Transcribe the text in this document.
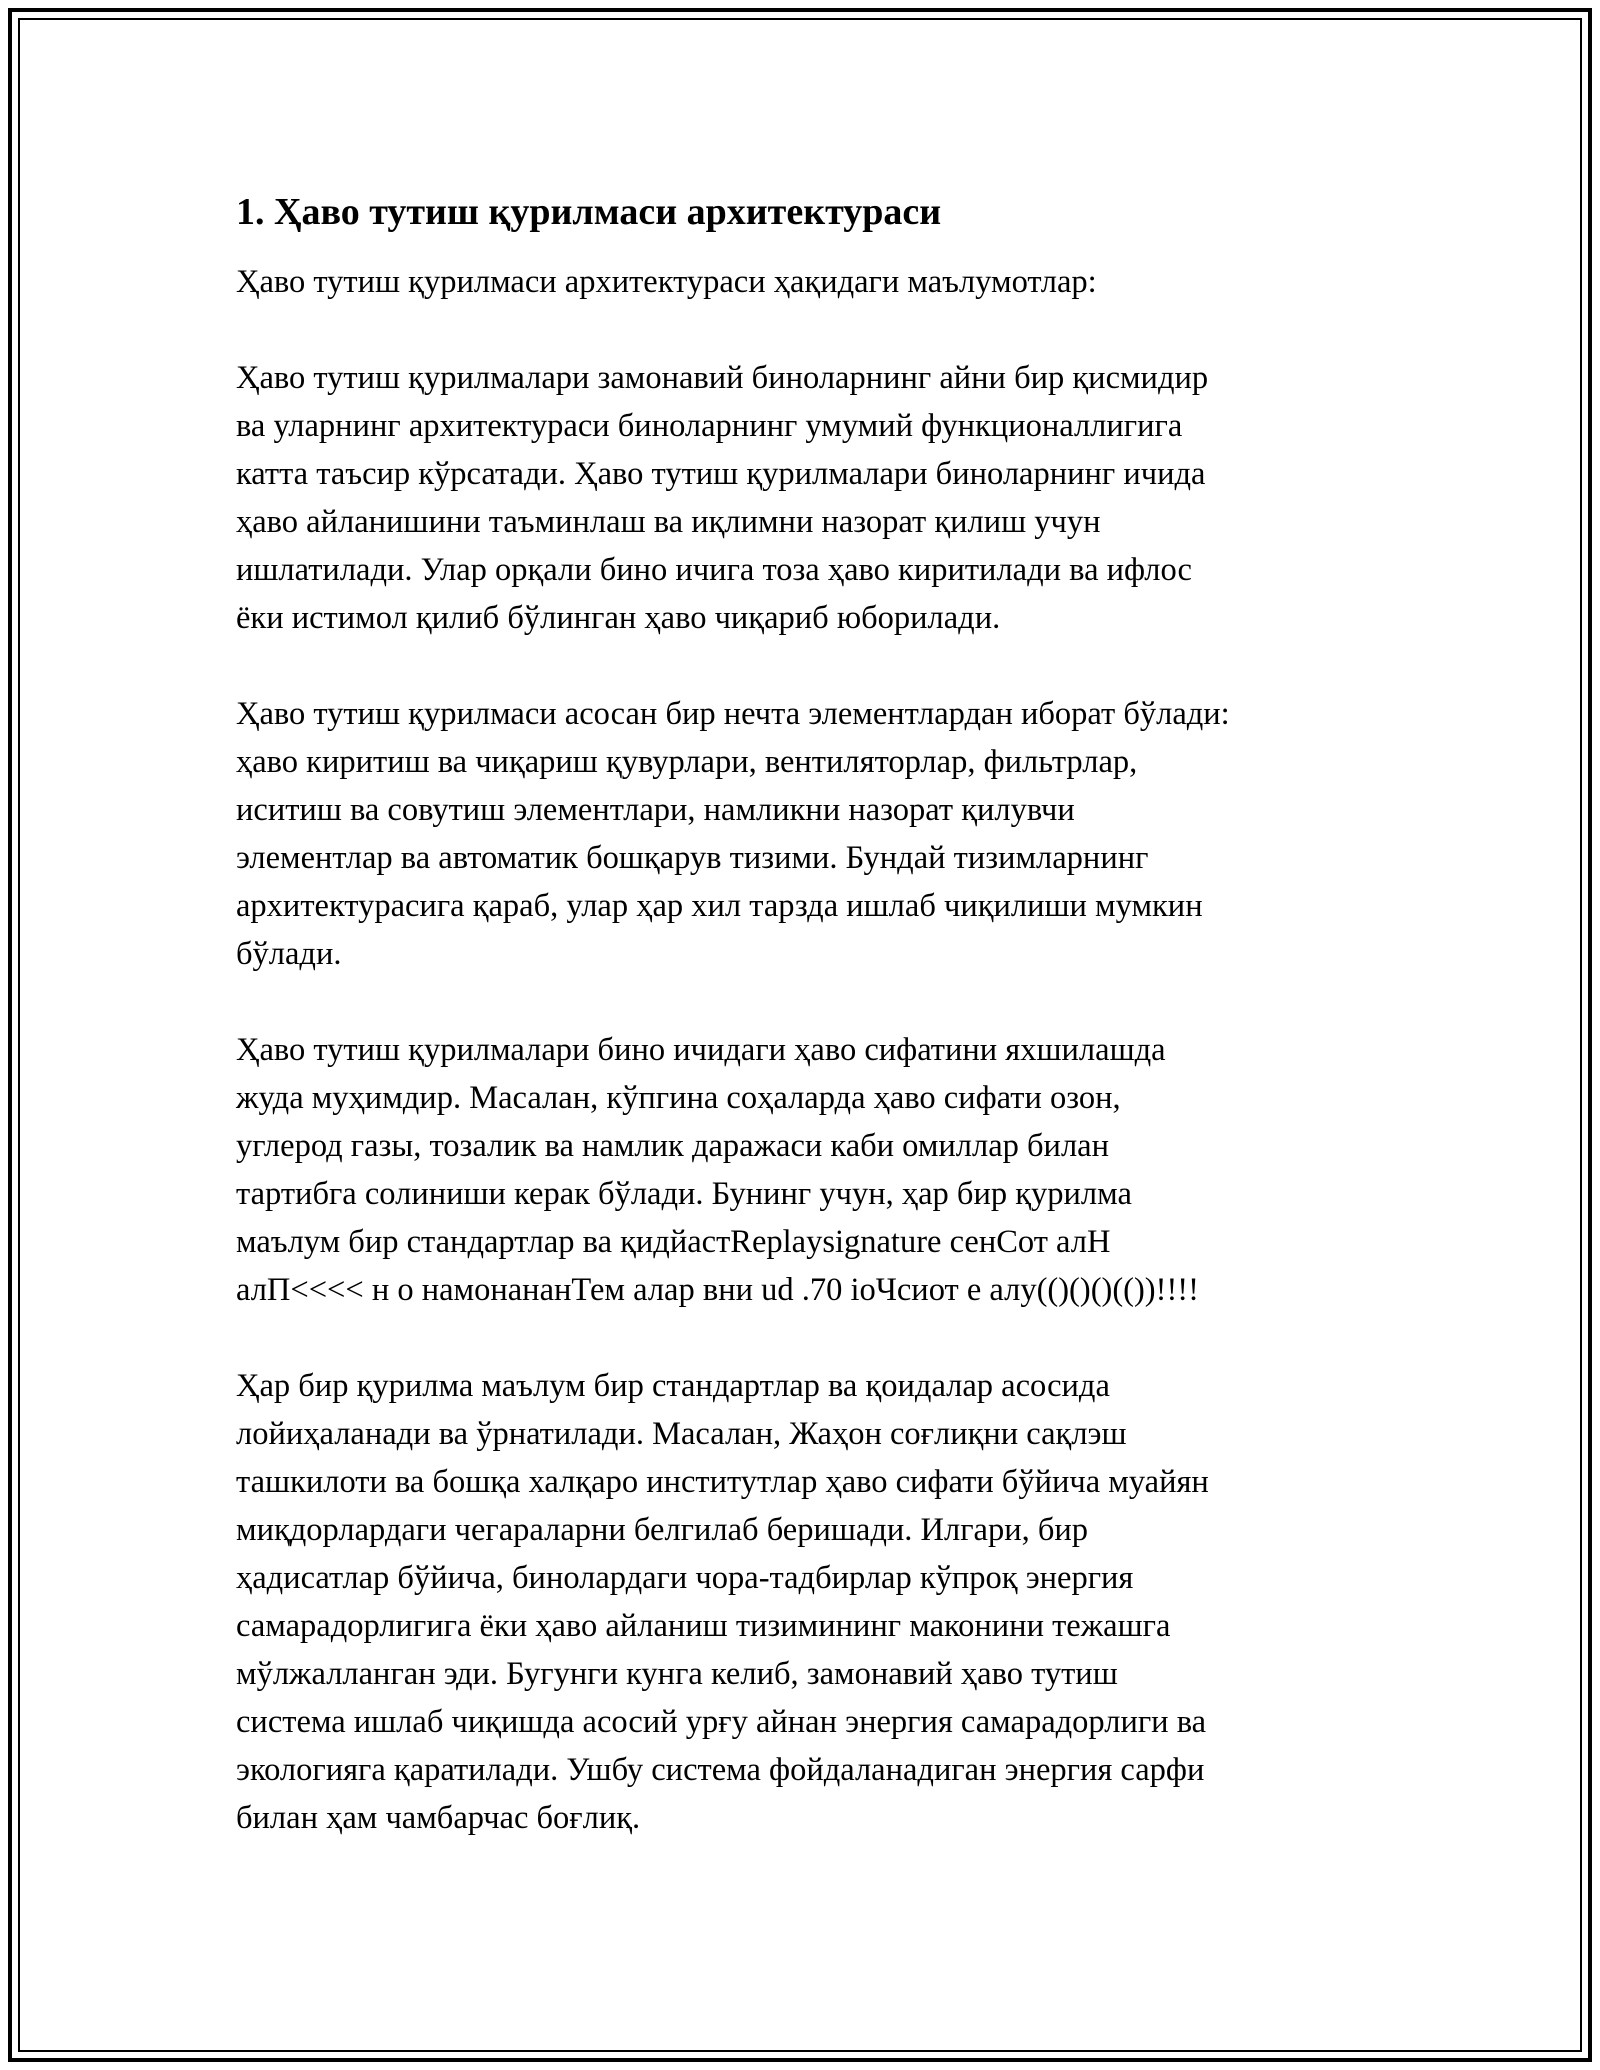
1. Ҳаво тутиш қурилмаси архитектураси

Ҳаво тутиш қурилмаси архитектураси ҳақидаги маълумотлар:

Ҳаво тутиш қурилмалари замонавий биноларнинг айни бир қисмидир
ва уларнинг архитектураси биноларнинг умумий функционаллигига
катта таъсир кўрсатади. Ҳаво тутиш қурилмалари биноларнинг ичида
ҳаво айланишини таъминлаш ва иқлимни назорат қилиш учун
ишлатилади. Улар орқали бино ичига тоза ҳаво киритилади ва ифлос
ёки истимол қилиб бўлинган ҳаво чиқариб юборилади.

Ҳаво тутиш қурилмаси асосан бир нечта элементлардан иборат бўлади:
ҳаво киритиш ва чиқариш қувурлари, вентиляторлар, фильтрлар,
иситиш ва совутиш элементлари, намликни назорат қилувчи
элементлар ва автоматик бошқарув тизими. Бундай тизимларнинг
архитектурасига қараб, улар ҳар хил тарзда ишлаб чиқилиши мумкин
бўлади.

Ҳаво тутиш қурилмалари бино ичидаги ҳаво сифатини яхшилашда
жуда муҳимдир. Масалан, кўпгина соҳаларда ҳаво сифати озон,
углерод газы, тозалик ва намлик даражаси каби омиллар билан
тартибга солиниши керак бўлади. Бунинг учун, ҳар бир қурилма
маълум бир стандартлар ва қидйастReplaysignature сенСот алН
алП<<<< н о намонананТем алар вни ud .70 ioЧсиот е алу(()()()(())!!!!

Ҳар бир қурилма маълум бир стандартлар ва қоидалар асосида
лойиҳаланади ва ўрнатилади. Масалан, Жаҳон соғлиқни сақлэш
ташкилоти ва бошқа халқаро институтлар ҳаво сифати бўйича муайян
миқдорлардаги чегараларни белгилаб беришади. Илгари, бир
ҳадисатлар бўйича, бинолардаги чора-тадбирлар кўпроқ энергия
самарадорлигига ёки ҳаво айланиш тизимининг маконини тежашга
мўлжалланган эди. Бугунги кунга келиб, замонавий ҳаво тутиш
система ишлаб чиқишда асосий урғу айнан энергия самарадорлиги ва
экологияга қаратилади. Ушбу система фойдаланадиган энергия сарфи
билан ҳам чамбарчас боғлиқ.
